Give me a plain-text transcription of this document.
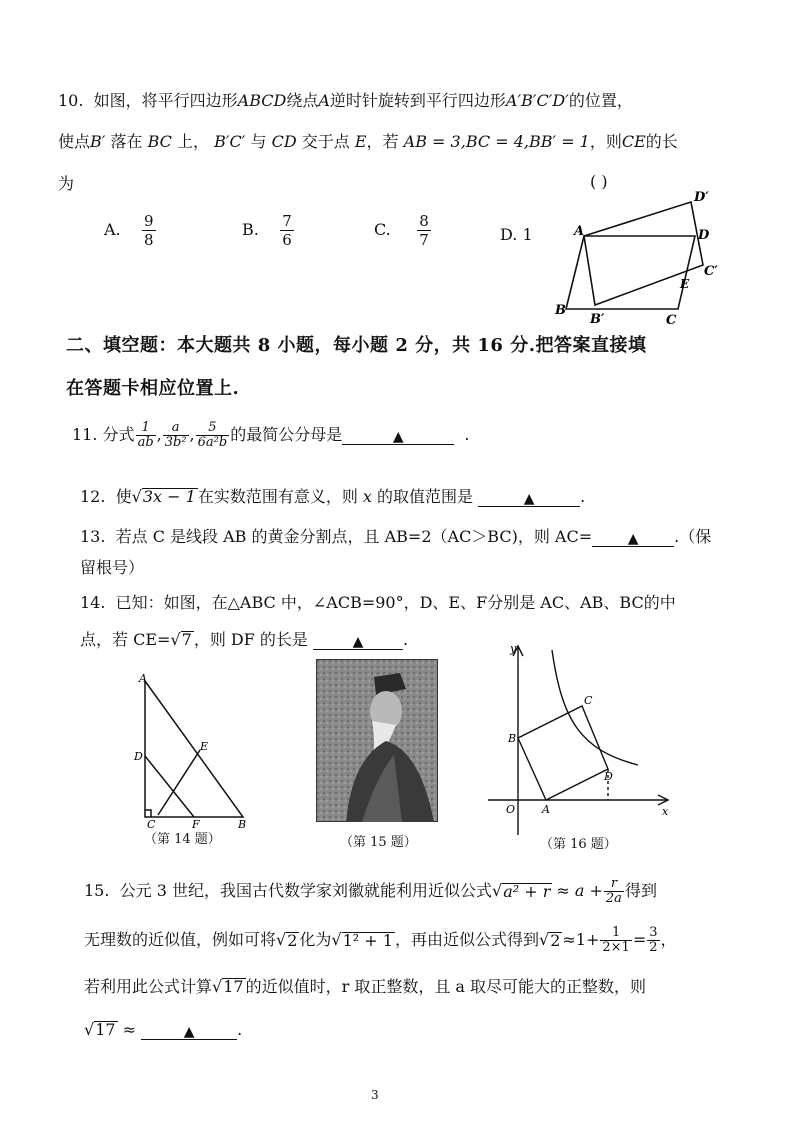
10. 如图，将平行四边形ABCD绕点A逆时针旋转到平行四边形A′B′C′D′的位置，
使点B′ 落在 BC 上， B′C′ 与 CD 交于点 E，若 AB = 3,BC = 4,BB′ = 1，则CE的长
为	( )
A. $\frac{9}{8}$	B. $\frac{7}{6}$	C. $\frac{8}{7}$	D. 1	A	D
D′
C′
E
B
B′	C
二、填空题：本大题共 8 小题，每小题 2 分，共 16 分.把答案直接填
在答题卡相应位置上.
11.
分式 $\frac{1}{ab}$ , $\frac{a}{\text{3b²}}$ , $\frac{5}{\text{6a²b}}$ 的最简公分母是	▲
	.
12. 使√3x − 1 在实数范围有意义，则 x 的取值范围是	▲	.
13. 若点 C 是线段 AB 的黄金分割点，且 AB=2（AC＞BC)，则 AC=	▲ .（保
留根号）
14. 已知：如图，在△ABC 中，∠ACB=90°，D、E、F分别是 AC、AB、BC的中
点，若 CE=√7 ，则 DF 的长是	▲ .
A
D
E
C	F	B
（第 14 题）	（第 15 题）
y
x
O A
B
C
D
（第 16 题）
15.
公元 3 世纪，我国古代数学家刘徽就能利用近似公式 √ $a^2 + r \approx a + \frac{r}{2a}$ 得到
无理数的近似值，例如可将 √ 2 化为 √ 1² + 1 ，再由近似公式得到 √ $2 \approx 1+ \frac{1}{2\times 1} = \frac{3}{2}$ ，
若利用此公式计算√17 的近似值时，r 取正整数，且 a 取尽可能大的正整数，则
√17 ≈	▲	.
3
